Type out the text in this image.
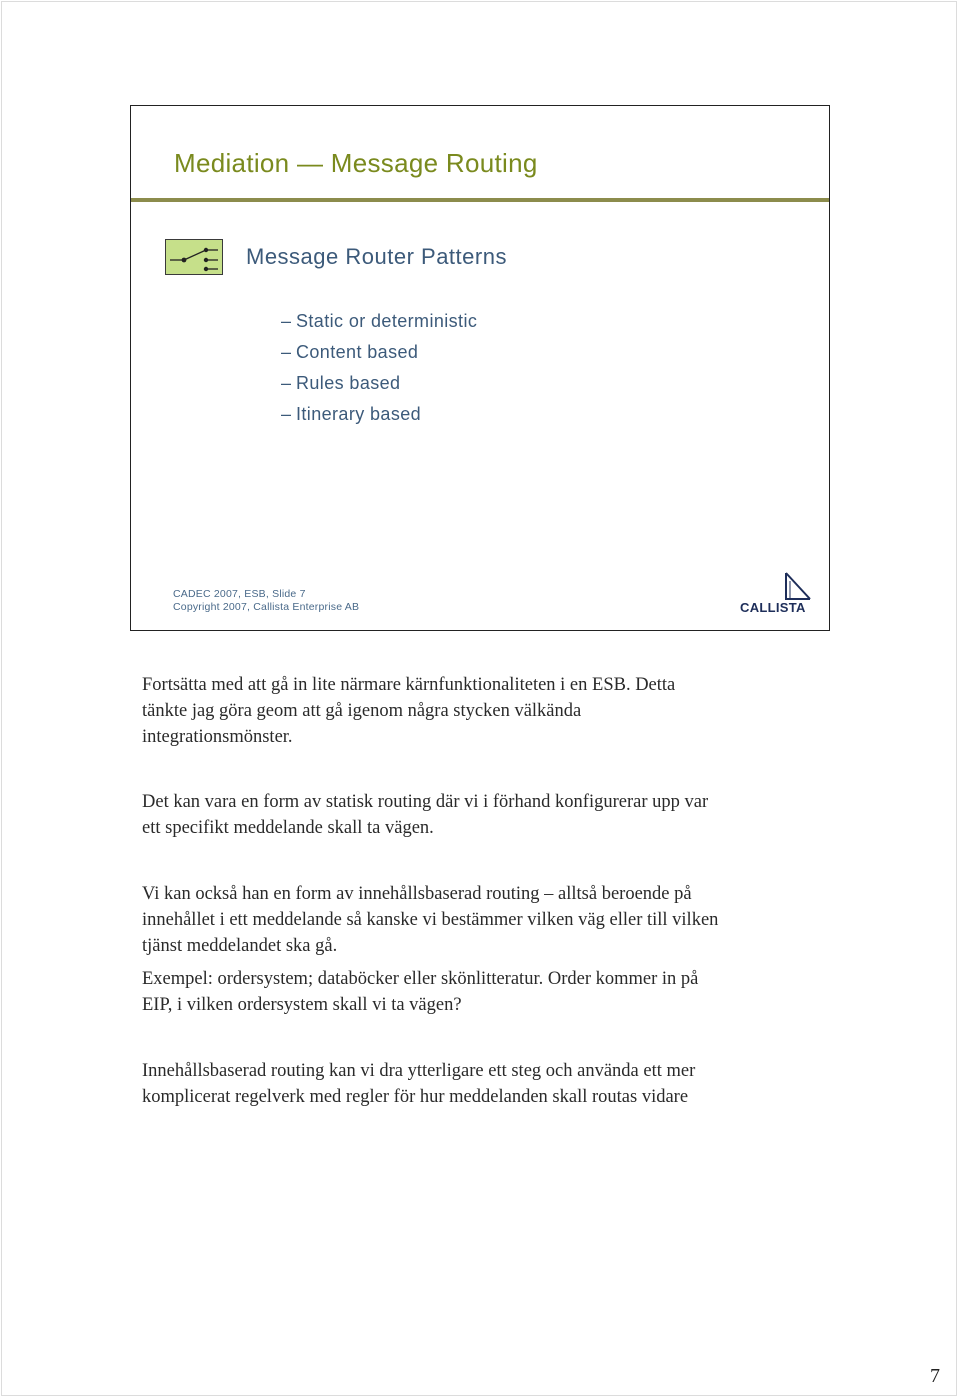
Mediation — Message Routing
Message Router Patterns
– Static or deterministic
– Content based
– Rules based
– Itinerary based
CADEC 2007, ESB, Slide 7
Copyright 2007, Callista Enterprise AB	CALLISTA

Fortsätta med att gå in lite närmare kärnfunktionaliteten i en ESB. Detta
tänkte jag göra geom att gå igenom några stycken välkända
integrationsmönster.

Det kan vara en form av statisk routing där vi i förhand konfigurerar upp var
ett specifikt meddelande skall ta vägen.

Vi kan också han en form av innehållsbaserad routing – alltså beroende på
innehållet i ett meddelande så kanske vi bestämmer vilken väg eller till vilken
tjänst meddelandet ska gå.

Exempel: ordersystem; databöcker eller skönlitteratur. Order kommer in på
EIP, i vilken ordersystem skall vi ta vägen?

Innehållsbaserad routing kan vi dra ytterligare ett steg och använda ett mer
komplicerat regelverk med regler för hur meddelanden skall routas vidare

7
